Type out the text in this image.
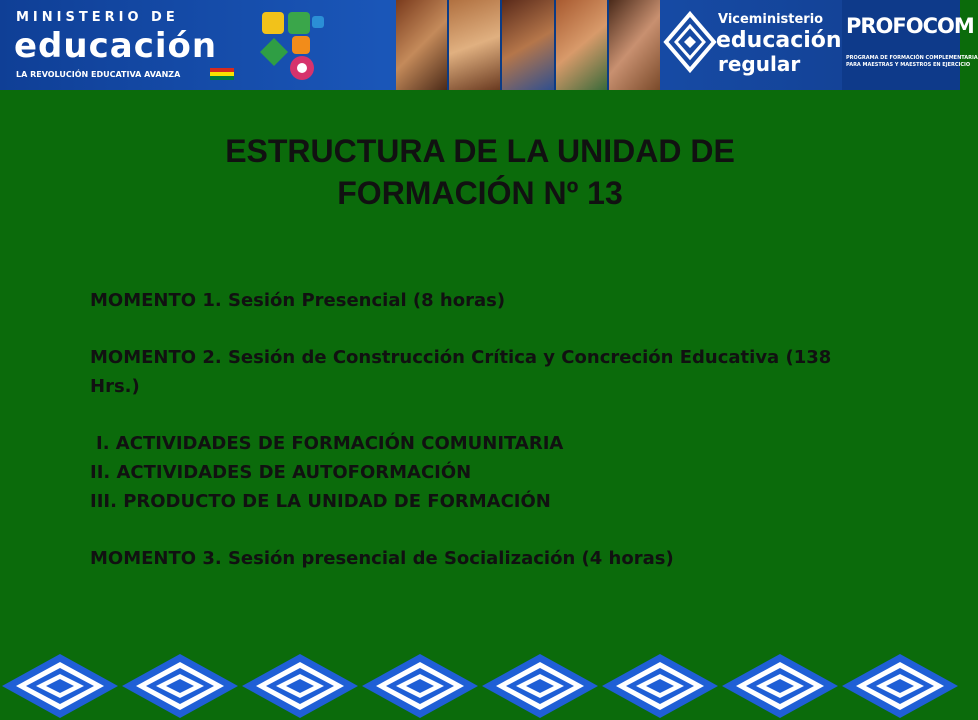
MINISTERIO DE
educación
LA REVOLUCIÓN EDUCATIVA AVANZA
Viceministerio
educación
regular
PROFOCOM
PROGRAMA DE FORMACIÓN COMPLEMENTARIA
PARA MAESTRAS Y MAESTROS EN EJERCICIO
ESTRUCTURA DE LA UNIDAD DE
FORMACIÓN Nº 13

MOMENTO 1. Sesión Presencial (8 horas)

MOMENTO 2. Sesión de Construcción Crítica y Concreción Educativa (138 Hrs.)

I. ACTIVIDADES DE FORMACIÓN COMUNITARIA

II. ACTIVIDADES DE AUTOFORMACIÓN

III. PRODUCTO DE LA UNIDAD DE FORMACIÓN

MOMENTO 3. Sesión presencial de Socialización (4 horas)
